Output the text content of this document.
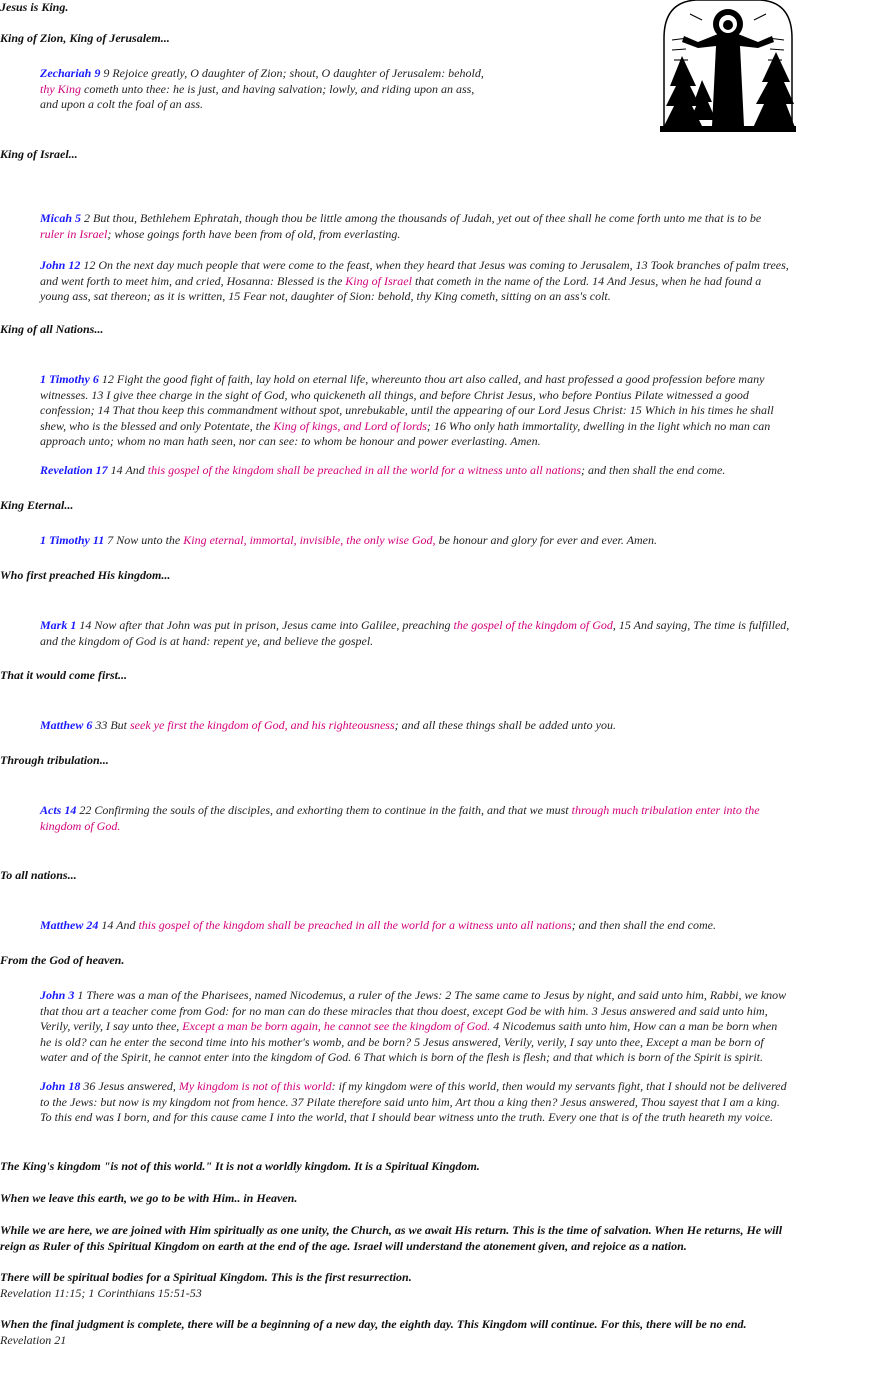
Jesus is King.
King of Zion, King of Jerusalem...
Zechariah 9 9 Rejoice greatly, O daughter of Zion; shout, O daughter of Jerusalem: behold,
thy King cometh unto thee: he is just, and having salvation; lowly, and riding upon an ass,
and upon a colt the foal of an ass.
King of Israel...
Micah 5 2 But thou, Bethlehem Ephratah, though thou be little among the thousands of Judah, yet out of thee shall he come forth unto me that is to be
ruler in Israel; whose goings forth have been from of old, from everlasting.
John 12 12 On the next day much people that were come to the feast, when they heard that Jesus was coming to Jerusalem, 13 Took branches of palm trees,
and went forth to meet him, and cried, Hosanna: Blessed is the King of Israel that cometh in the name of the Lord. 14 And Jesus, when he had found a
young ass, sat thereon; as it is written, 15 Fear not, daughter of Sion: behold, thy King cometh, sitting on an ass's colt.
King of all Nations...
1 Timothy 6 12 Fight the good fight of faith, lay hold on eternal life, whereunto thou art also called, and hast professed a good profession before many
witnesses. 13 I give thee charge in the sight of God, who quickeneth all things, and before Christ Jesus, who before Pontius Pilate witnessed a good
confession; 14 That thou keep this commandment without spot, unrebukable, until the appearing of our Lord Jesus Christ: 15 Which in his times he shall
shew, who is the blessed and only Potentate, the King of kings, and Lord of lords; 16 Who only hath immortality, dwelling in the light which no man can
approach unto; whom no man hath seen, nor can see: to whom be honour and power everlasting. Amen.
Revelation 17 14 And this gospel of the kingdom shall be preached in all the world for a witness unto all nations; and then shall the end come.
King Eternal...
1 Timothy 11 7 Now unto the King eternal, immortal, invisible, the only wise God, be honour and glory for ever and ever. Amen.
Who first preached His kingdom...
Mark 1 14 Now after that John was put in prison, Jesus came into Galilee, preaching the gospel of the kingdom of God, 15 And saying, The time is fulfilled,
and the kingdom of God is at hand: repent ye, and believe the gospel.
That it would come first...
Matthew 6 33 But seek ye first the kingdom of God, and his righteousness; and all these things shall be added unto you.
Through tribulation...
Acts 14 22 Confirming the souls of the disciples, and exhorting them to continue in the faith, and that we must through much tribulation enter into the
kingdom of God.
To all nations...
Matthew 24 14 And this gospel of the kingdom shall be preached in all the world for a witness unto all nations; and then shall the end come.
From the God of heaven.
John 3 1 There was a man of the Pharisees, named Nicodemus, a ruler of the Jews: 2 The same came to Jesus by night, and said unto him, Rabbi, we know
that thou art a teacher come from God: for no man can do these miracles that thou doest, except God be with him. 3 Jesus answered and said unto him,
Verily, verily, I say unto thee, Except a man be born again, he cannot see the kingdom of God. 4 Nicodemus saith unto him, How can a man be born when
he is old? can he enter the second time into his mother's womb, and be born? 5 Jesus answered, Verily, verily, I say unto thee, Except a man be born of
water and of the Spirit, he cannot enter into the kingdom of God. 6 That which is born of the flesh is flesh; and that which is born of the Spirit is spirit.
John 18 36 Jesus answered, My kingdom is not of this world: if my kingdom were of this world, then would my servants fight, that I should not be delivered
to the Jews: but now is my kingdom not from hence. 37 Pilate therefore said unto him, Art thou a king then? Jesus answered, Thou sayest that I am a king.
To this end was I born, and for this cause came I into the world, that I should bear witness unto the truth. Every one that is of the truth heareth my voice.
The King's kingdom "is not of this world." It is not a worldly kingdom. It is a Spiritual Kingdom.
When we leave this earth, we go to be with Him.. in Heaven.
While we are here, we are joined with Him spiritually as one unity, the Church, as we await His return. This is the time of salvation. When He returns, He will
reign as Ruler of this Spiritual Kingdom on earth at the end of the age. Israel will understand the atonement given, and rejoice as a nation.
There will be spiritual bodies for a Spiritual Kingdom. This is the first resurrection.
Revelation 11:15; 1 Corinthians 15:51-53
When the final judgment is complete, there will be a beginning of a new day, the eighth day. This Kingdom will continue. For this, there will be no end.
Revelation 21
